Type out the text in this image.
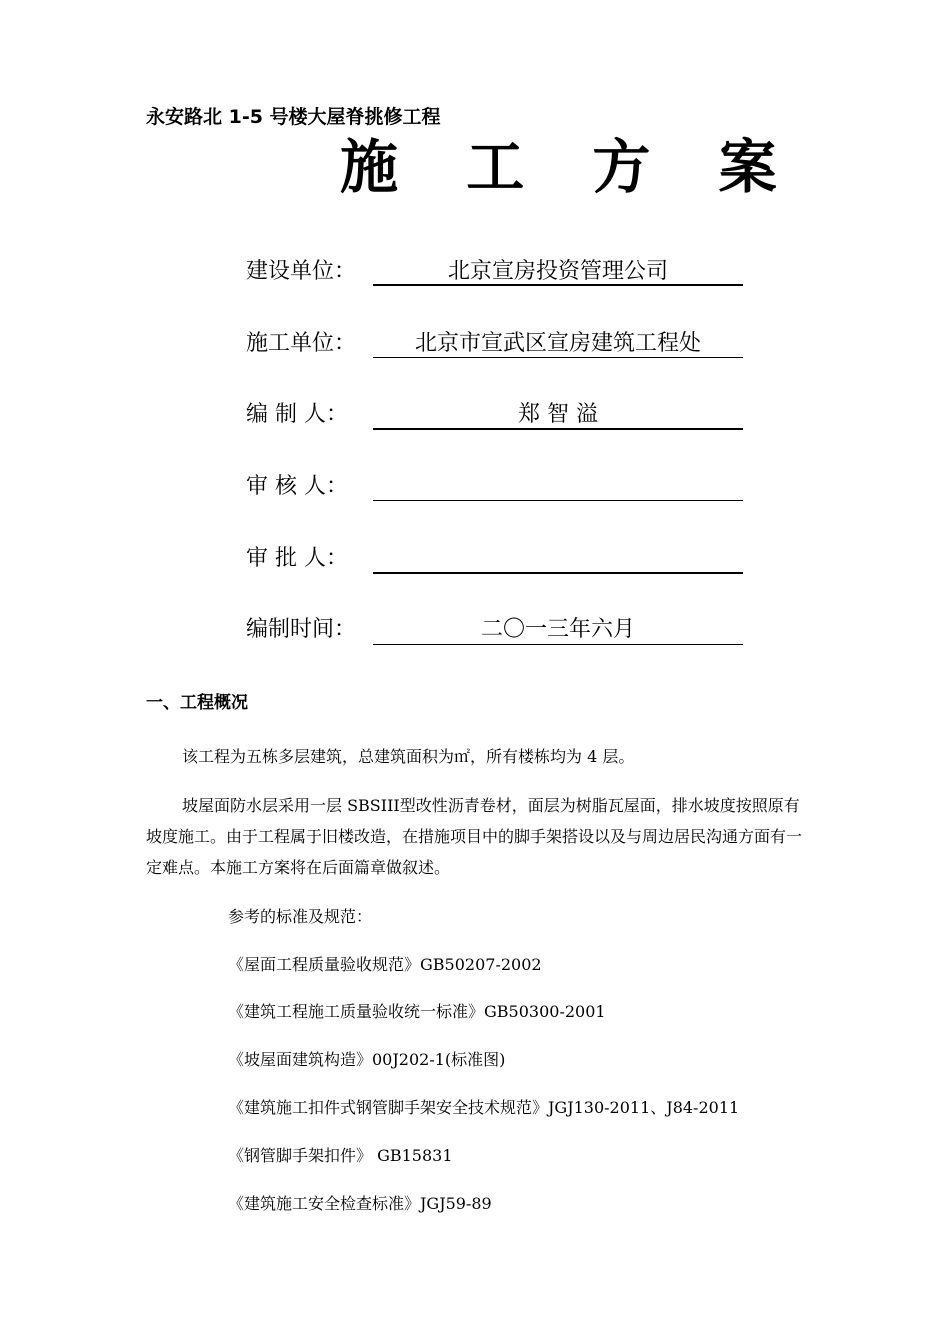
永安路北 1-5 号楼大屋脊挑修工程
施 工 方 案
建设单位：	北京宣房投资管理公司
施工单位：	北京市宣武区宣房建筑工程处
编 制 人：	郑 智 溢
审 核 人：
审 批 人：
编制时间：	二〇一三年六月
一、工程概况
该工程为五栋多层建筑，总建筑面积为㎡，所有楼栋均为 4 层。
坡屋面防水层采用一层 SBSIII型改性沥青卷材，面层为树脂瓦屋面，排水坡度按照原有坡度施工。由于工程属于旧楼改造，在措施项目中的脚手架搭设以及与周边居民沟通方面有一定难点。本施工方案将在后面篇章做叙述。
参考的标准及规范：
《屋面工程质量验收规范》GB50207-2002
《建筑工程施工质量验收统一标准》GB50300-2001
《坡屋面建筑构造》00J202-1(标准图)
《建筑施工扣件式钢管脚手架安全技术规范》JGJ130-2011、J84-2011
《钢管脚手架扣件》 GB15831
《建筑施工安全检查标准》JGJ59-89
